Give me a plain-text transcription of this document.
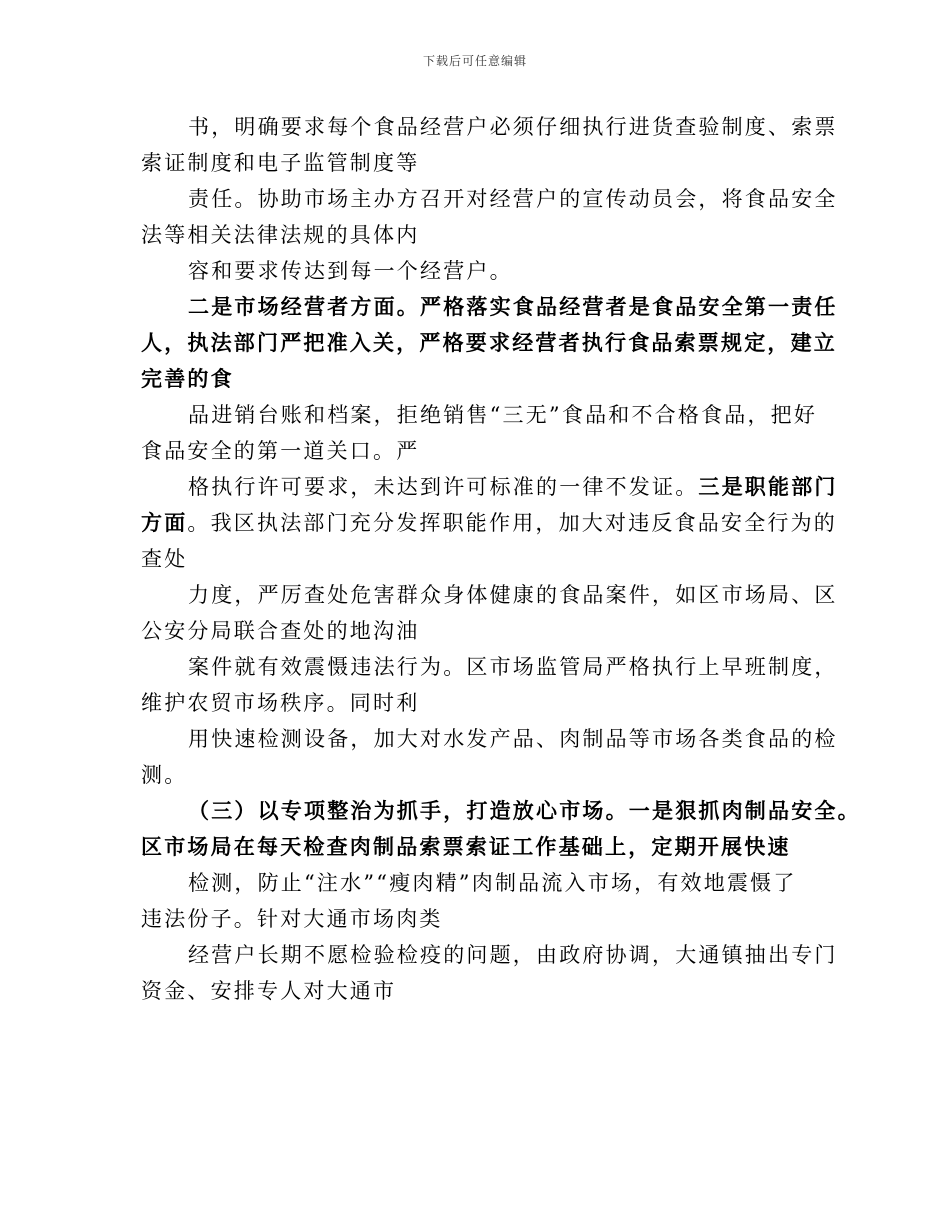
下载后可任意编辑

书，明确要求每个食品经营户必须仔细执行进货查验制度、索票
索证制度和电子监管制度等

责任。协助市场主办方召开对经营户的宣传动员会，将食品安全
法等相关法律法规的具体内

容和要求传达到每一个经营户。

二是市场经营者方面。严格落实食品经营者是食品安全第一责任
人，执法部门严把准入关，严格要求经营者执行食品索票规定，建立
完善的食

品进销台账和档案，拒绝销售“三无”食品和不合格食品，把好
食品安全的第一道关口。严

格执行许可要求，未达到许可标准的一律不发证。三是职能部门
方面。我区执法部门充分发挥职能作用，加大对违反食品安全行为的
查处

力度，严厉查处危害群众身体健康的食品案件，如区市场局、区
公安分局联合查处的地沟油

案件就有效震慑违法行为。区市场监管局严格执行上早班制度，
维护农贸市场秩序。同时利

用快速检测设备，加大对水发产品、肉制品等市场各类食品的检
测。

（三）以专项整治为抓手，打造放心市场。一是狠抓肉制品安全。
区市场局在每天检查肉制品索票索证工作基础上，定期开展快速

检测，防止“注水”“瘦肉精”肉制品流入市场，有效地震慑了
违法份子。针对大通市场肉类

经营户长期不愿检验检疫的问题，由政府协调，大通镇抽出专门
资金、安排专人对大通市
